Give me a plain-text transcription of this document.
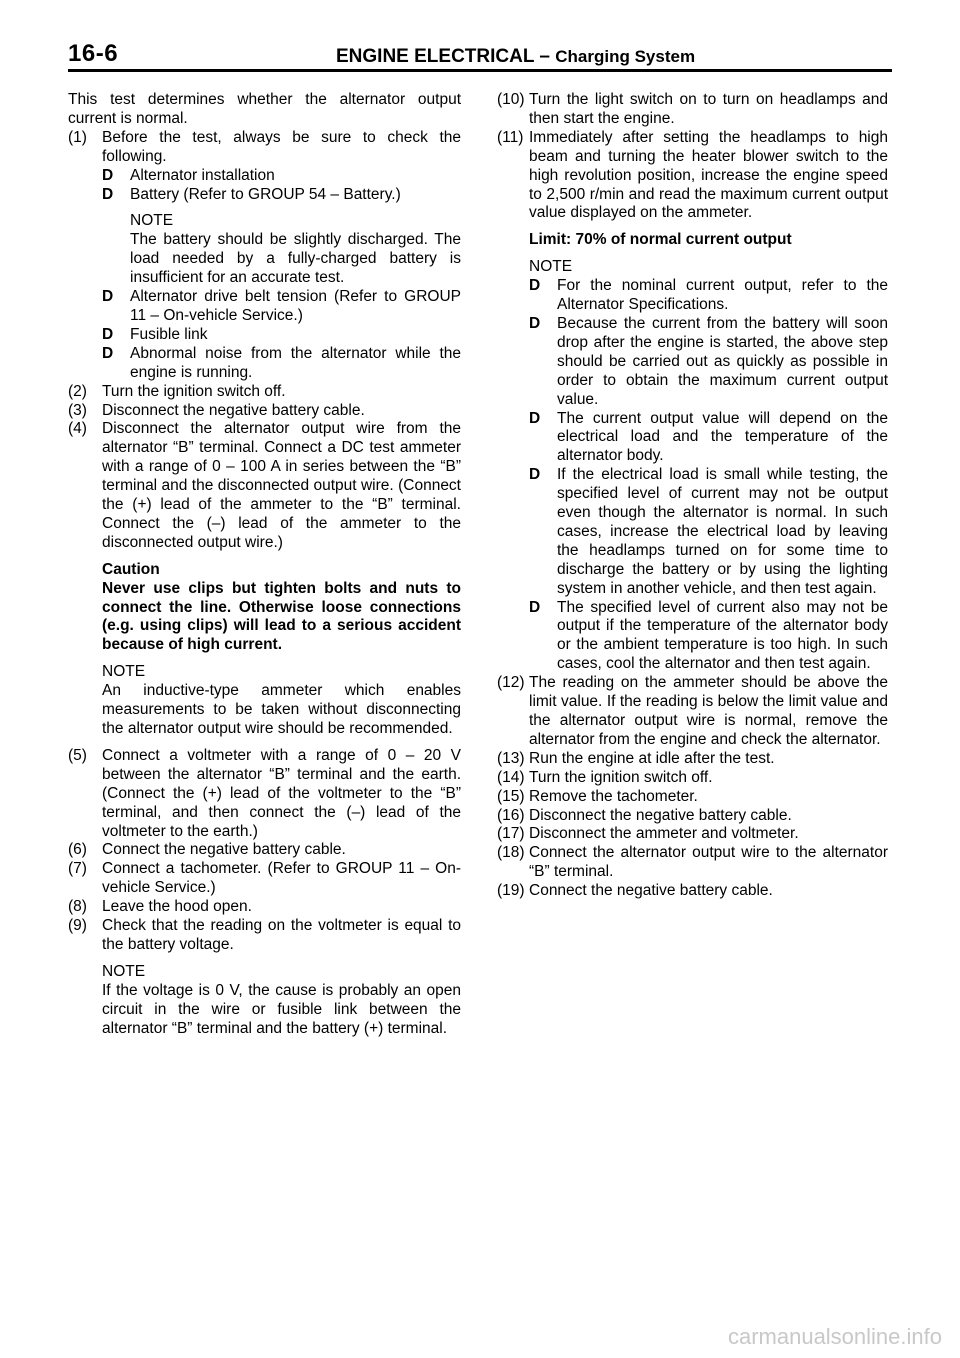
16-6	ENGINE ELECTRICAL – Charging System

This test determines whether the alternator output current is normal.

(1) Before the test, always be sure to check the following.
D	Alternator installation
D	Battery (Refer to GROUP 54 – Battery.)
NOTE
The battery should be slightly discharged. The load needed by a fully-charged battery is insufficient for an accurate test.
D	Alternator drive belt tension (Refer to GROUP 11 – On-vehicle Service.)
D	Fusible link
D	Abnormal noise from the alternator while the engine is running.
(2) Turn the ignition switch off.
(3) Disconnect the negative battery cable.
(4) Disconnect the alternator output wire from the alternator “B” terminal. Connect a DC test ammeter with a range of 0 – 100 A in series between the “B” terminal and the disconnected output wire. (Connect the (+) lead of the ammeter to the “B” terminal. Connect the (–) lead of the ammeter to the disconnected output wire.)
Caution
Never use clips but tighten bolts and nuts to connect the line. Otherwise loose connections (e.g. using clips) will lead to a serious accident because of high current.
NOTE
An inductive-type ammeter which enables measurements to be taken without disconnecting the alternator output wire should be recommended.
(5) Connect a voltmeter with a range of 0 – 20 V between the alternator “B” terminal and the earth. (Connect the (+) lead of the voltmeter to the “B” terminal, and then connect the (–) lead of the voltmeter to the earth.)
(6) Connect the negative battery cable.
(7) Connect a tachometer. (Refer to GROUP 11 – On-vehicle Service.)
(8) Leave the hood open.
(9) Check that the reading on the voltmeter is equal to the battery voltage.
NOTE
If the voltage is 0 V, the cause is probably an open circuit in the wire or fusible link between the alternator “B” terminal and the battery (+) terminal.
(10) Turn the light switch on to turn on headlamps and then start the engine.
(11) Immediately after setting the headlamps to high beam and turning the heater blower switch to the high revolution position, increase the engine speed to 2,500 r/min and read the maximum current output value displayed on the ammeter.
Limit: 70% of normal current output
NOTE
D	For the nominal current output, refer to the Alternator Specifications.
D	Because the current from the battery will soon drop after the engine is started, the above step should be carried out as quickly as possible in order to obtain the maximum current output value.
D	The current output value will depend on the electrical load and the temperature of the alternator body.
D	If the electrical load is small while testing, the specified level of current may not be output even though the alternator is normal. In such cases, increase the electrical load by leaving the headlamps turned on for some time to discharge the battery or by using the lighting system in another vehicle, and then test again.
D	The specified level of current also may not be output if the temperature of the alternator body or the ambient temperature is too high. In such cases, cool the alternator and then test again.
(12) The reading on the ammeter should be above the limit value. If the reading is below the limit value and the alternator output wire is normal, remove the alternator from the engine and check the alternator.
(13) Run the engine at idle after the test.
(14) Turn the ignition switch off.
(15) Remove the tachometer.
(16) Disconnect the negative battery cable.
(17) Disconnect the ammeter and voltmeter.
(18) Connect the alternator output wire to the alternator “B” terminal.
(19) Connect the negative battery cable.
carmanualsonline.info
